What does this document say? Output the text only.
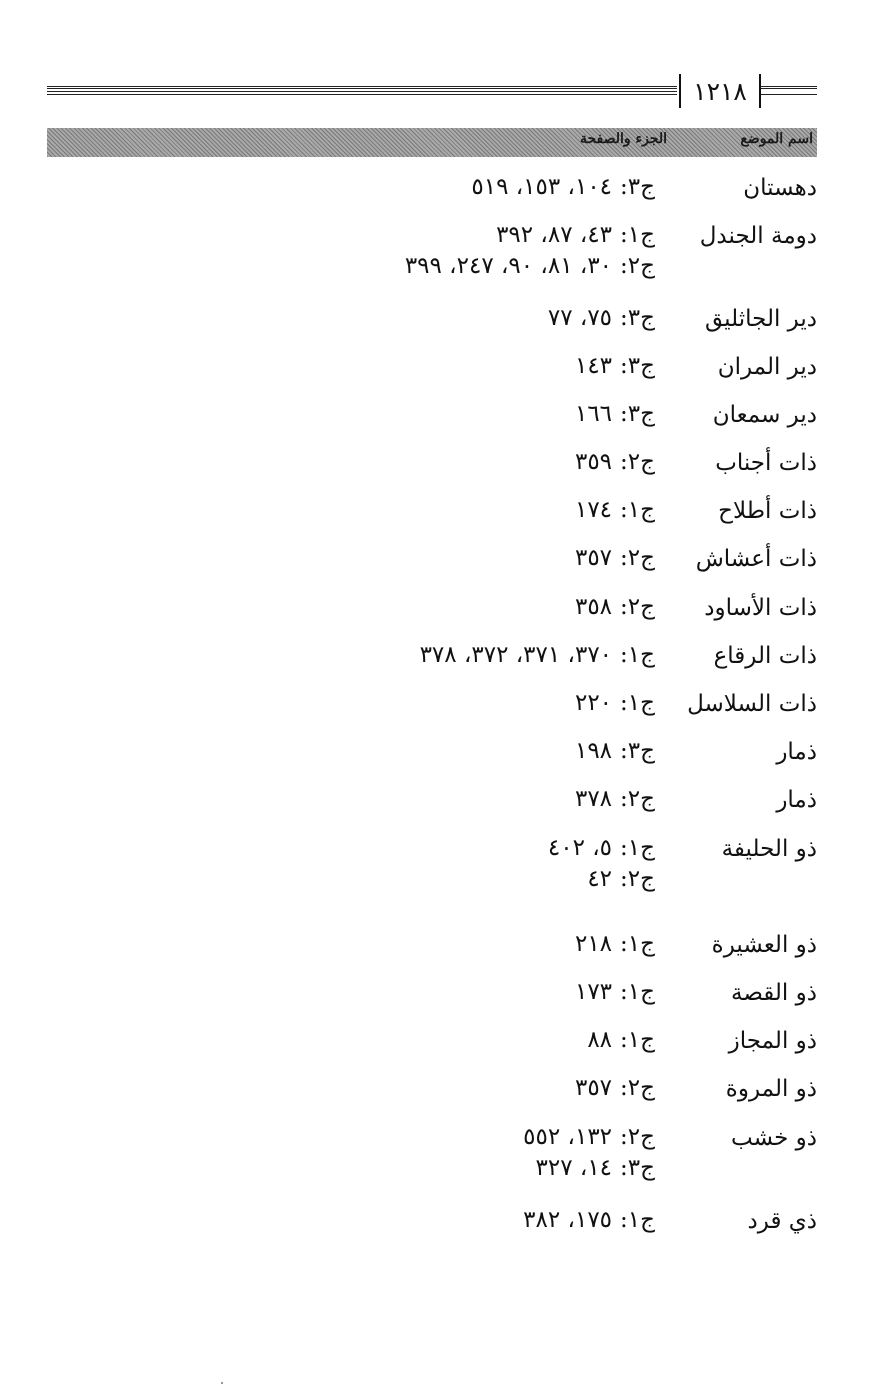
١٢١٨
اسم الموضع
الجزء والصفحة
دهستان
ج٣:١٠٤، ١٥٣، ٥١٩
دومة الجندل
ج١:٤٣، ٨٧، ٣٩٢
ج٢:٣٠، ٨١، ٩٠، ٢٤٧، ٣٩٩
دير الجاثليق
ج٣:٧٥، ٧٧
دير المران
ج٣:١٤٣
دير سمعان
ج٣:١٦٦
ذات أجناب
ج٢:٣٥٩
ذات أطلاح
ج١:١٧٤
ذات أعشاش
ج٢:٣٥٧
ذات الأساود
ج٢:٣٥٨
ذات الرقاع
ج١:٣٧٠، ٣٧١، ٣٧٢، ٣٧٨
ذات السلاسل
ج١:٢٢٠
ذمار
ج٣:١٩٨
ذمار
ج٢:٣٧٨
ذو الحليفة
ج١:٥، ٤٠٢
ج٢:٤٢
ذو العشيرة
ج١:٢١٨
ذو القصة
ج١:١٧٣
ذو المجاز
ج١:٨٨
ذو المروة
ج٢:٣٥٧
ذو خشب
ج٢:١٣٢، ٥٥٢
ج٣:١٤، ٣٢٧
ذي قرد
ج١:١٧٥، ٣٨٢
